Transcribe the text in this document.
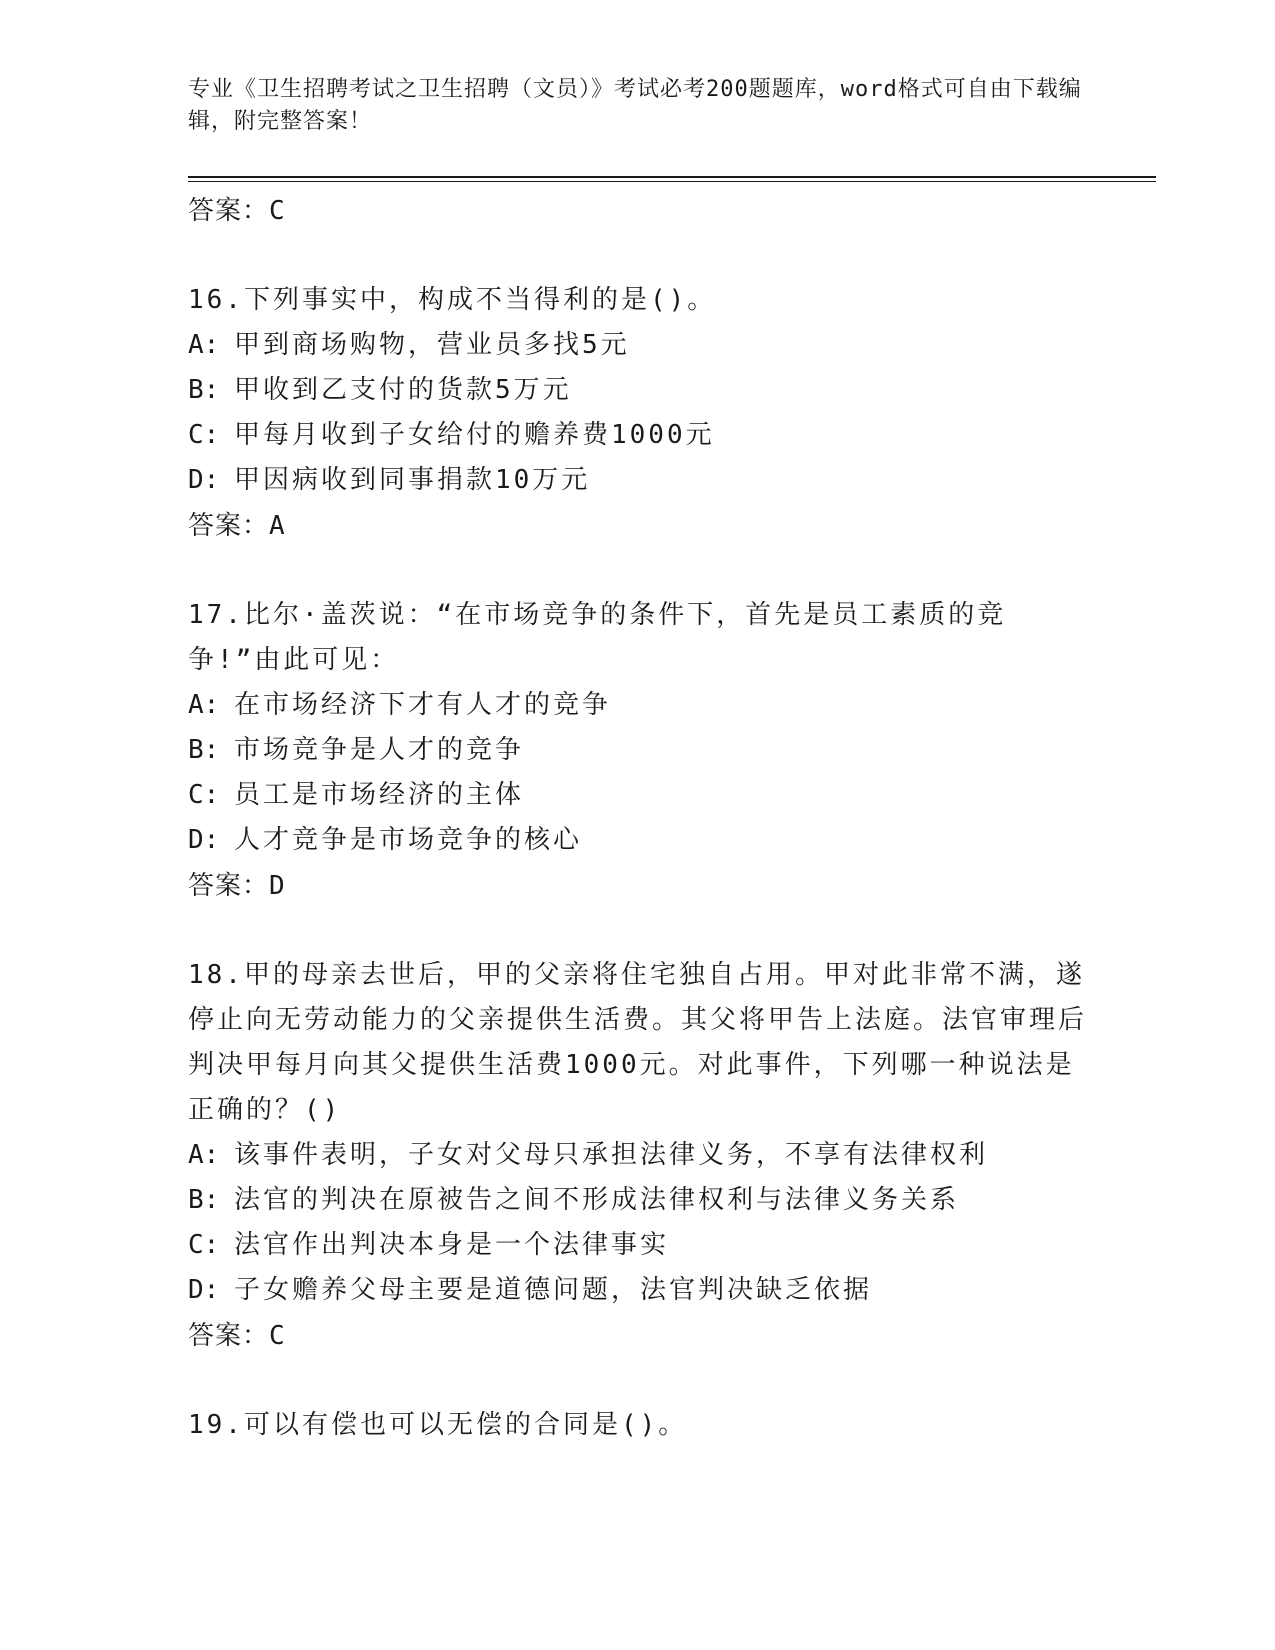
专业《卫生招聘考试之卫生招聘（文员）》考试必考200题题库，word格式可自由下载编辑，附完整答案！
答案：C
16.下列事实中，构成不当得利的是()。
A: 甲到商场购物，营业员多找5元
B: 甲收到乙支付的货款5万元
C: 甲每月收到子女给付的赡养费1000元
D: 甲因病收到同事捐款10万元
答案：A
17.比尔·盖茨说：“在市场竞争的条件下，首先是员工素质的竞争!”由此可见：
A: 在市场经济下才有人才的竞争
B: 市场竞争是人才的竞争
C: 员工是市场经济的主体
D: 人才竞争是市场竞争的核心
答案：D
18.甲的母亲去世后，甲的父亲将住宅独自占用。甲对此非常不满，遂停止向无劳动能力的父亲提供生活费。其父将甲告上法庭。法官审理后判决甲每月向其父提供生活费1000元。对此事件，下列哪一种说法是正确的？()
A: 该事件表明，子女对父母只承担法律义务，不享有法律权利
B: 法官的判决在原被告之间不形成法律权利与法律义务关系
C: 法官作出判决本身是一个法律事实
D: 子女赡养父母主要是道德问题，法官判决缺乏依据
答案：C
19.可以有偿也可以无偿的合同是()。
